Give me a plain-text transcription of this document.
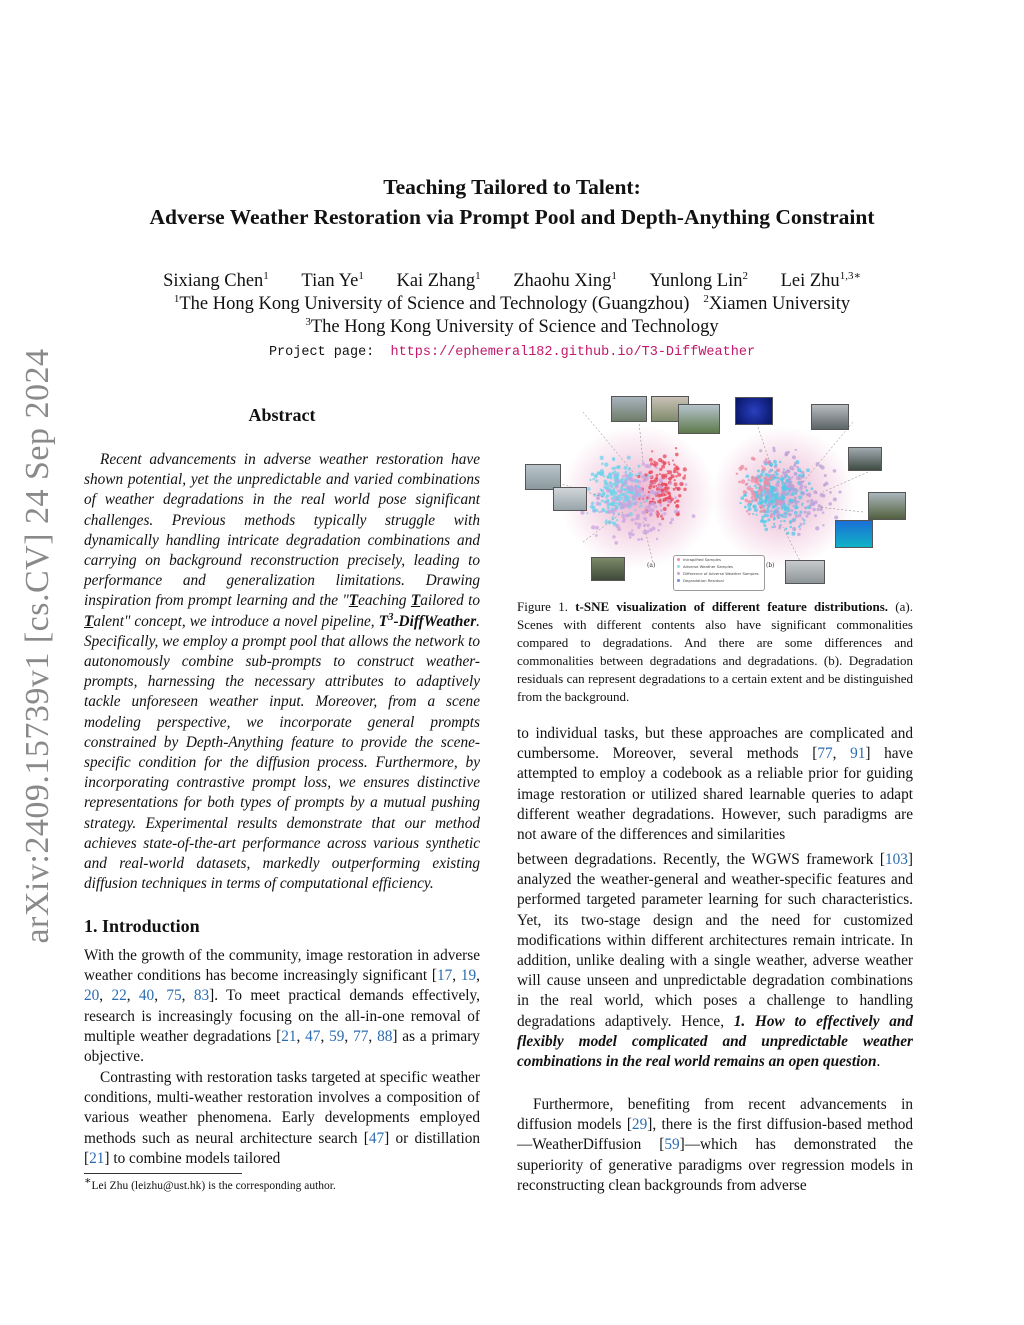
arXiv:2409.15739v1 [cs.CV] 24 Sep 2024
Teaching Tailored to Talent:
Adverse Weather Restoration via Prompt Pool and Depth-Anything Constraint
Sixiang Chen$^1$ Tian Ye$^1$ Kai Zhang$^1$ Zhaohu Xing$^1$ Yunlong Lin$^2$ Lei Zhu$^{1,3∗}$
$^1$The Hong Kong University of Science and Technology (Guangzhou) $^2$Xiamen University
$^3$The Hong Kong University of Science and Technology
Project page: https://ephemeral182.github.io/T3-DiffWeather
Abstract
Recent advancements in adverse weather restoration have shown potential, yet the unpredictable and varied combinations of weather degradations in the real world pose significant challenges. Previous methods typically struggle with dynamically handling intricate degradation combinations and carrying on background reconstruction precisely, leading to performance and generalization limitations. Drawing inspiration from prompt learning and the "Teaching Tailored to Talent" concept, we introduce a novel pipeline, $T^3$-DiffWeather. Specifically, we employ a prompt pool that allows the network to autonomously combine sub-prompts to construct weather-prompts, harnessing the necessary attributes to adaptively tackle unforeseen weather input. Moreover, from a scene modeling perspective, we incorporate general prompts constrained by Depth-Anything feature to provide the scene-specific condition for the diffusion process. Furthermore, by incorporating contrastive prompt loss, we ensures distinctive representations for both types of prompts by a mutual pushing strategy. Experimental results demonstrate that our method achieves state-of-the-art performance across various synthetic and real-world datasets, markedly outperforming existing diffusion techniques in terms of computational efficiency.
1. Introduction
With the growth of the community, image restoration in adverse weather conditions has become increasingly significant [17, 19, 20, 22, 40, 75, 83]. To meet practical demands effectively, research is increasingly focusing on the all-in-one removal of multiple weather degradations [21, 47, 59, 77, 88] as a primary objective.
Contrasting with restoration tasks targeted at specific weather conditions, multi-weather restoration involves a composition of various weather phenomena. Early developments employed methods such as neural architecture search [47] or distillation [21] to combine models tailored
∗Lei Zhu (leizhu@ust.hk) is the corresponding author.
Intraplified Samples
Adverse Weather Samples
Difference of Adverse Weather Samples
Degradation Residual
(a)	(b)
Figure 1. t-SNE visualization of different feature distributions. (a). Scenes with different contents also have significant commonalities compared to degradations. And there are some differences and commonalities between degradations and degradations. (b). Degradation residuals can represent degradations to a certain extent and be distinguished from the background.
to individual tasks, but these approaches are complicated and cumbersome. Moreover, several methods [77, 91] have attempted to employ a codebook as a reliable prior for guiding image restoration or utilized shared learnable queries to adapt different weather degradations. However, such paradigms are not aware of the differences and similarities
between degradations. Recently, the WGWS framework [103] analyzed the weather-general and weather-specific features and performed targeted parameter learning for such characteristics. Yet, its two-stage design and the need for customized modifications within different architectures remain intricate. In addition, unlike dealing with a single weather, adverse weather will cause unseen and unpredictable degradation combinations in the real world, which poses a challenge to handling degradations adaptively. Hence, 1. How to effectively and flexibly model complicated and unpredictable weather combinations in the real world remains an open question.
Furthermore, benefiting from recent advancements in diffusion models [29], there is the first diffusion-based method—WeatherDiffusion [59]—which has demonstrated the superiority of generative paradigms over regression models in reconstructing clean backgrounds from adverse
